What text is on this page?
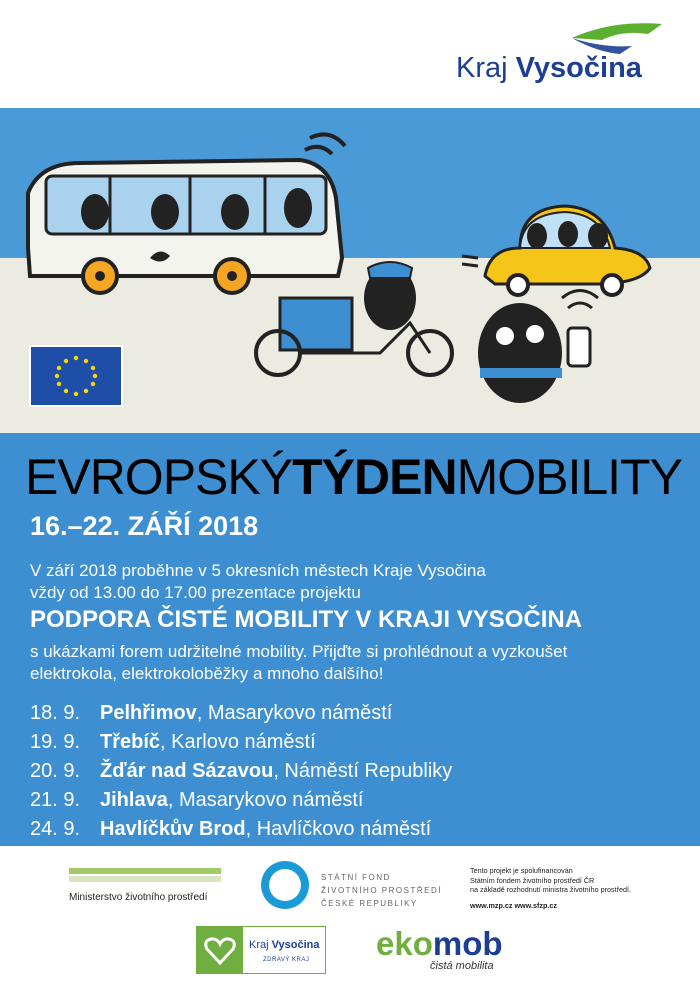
Kraj Vysočina
EVROPSKÝTÝDENMOBILITY
16.–22. ZÁŘÍ 2018
V září 2018 proběhne v 5 okresních městech Kraje Vysočina
vždy od 13.00 do 17.00 prezentace projektu
PODPORA ČISTÉ MOBILITY V KRAJI VYSOČINA
s ukázkami forem udržitelné mobility. Přijďte si prohlédnout a vyzkoušet
elektrokola, elektrokoloběžky a mnoho dalšího!
18. 9. Pelhřimov, Masarykovo náměstí
19. 9. Třebíč, Karlovo náměstí
20. 9. Žďár nad Sázavou, Náměstí Republiky
21. 9. Jihlava, Masarykovo náměstí
24. 9. Havlíčkův Brod, Havlíčkovo náměstí
Ministerstvo životního prostředí
STÁTNÍ FOND
ŽIVOTNÍHO PROSTŘEDÍ
ČESKÉ REPUBLIKY
Tento projekt je spolufinancován
Státním fondem životního prostředí ČR
na základě rozhodnutí ministra životního prostředí.
www.mzp.cz www.sfzp.cz
Kraj Vysočina
ZDRAVÝ KRAJ ekomob
čistá mobilita
